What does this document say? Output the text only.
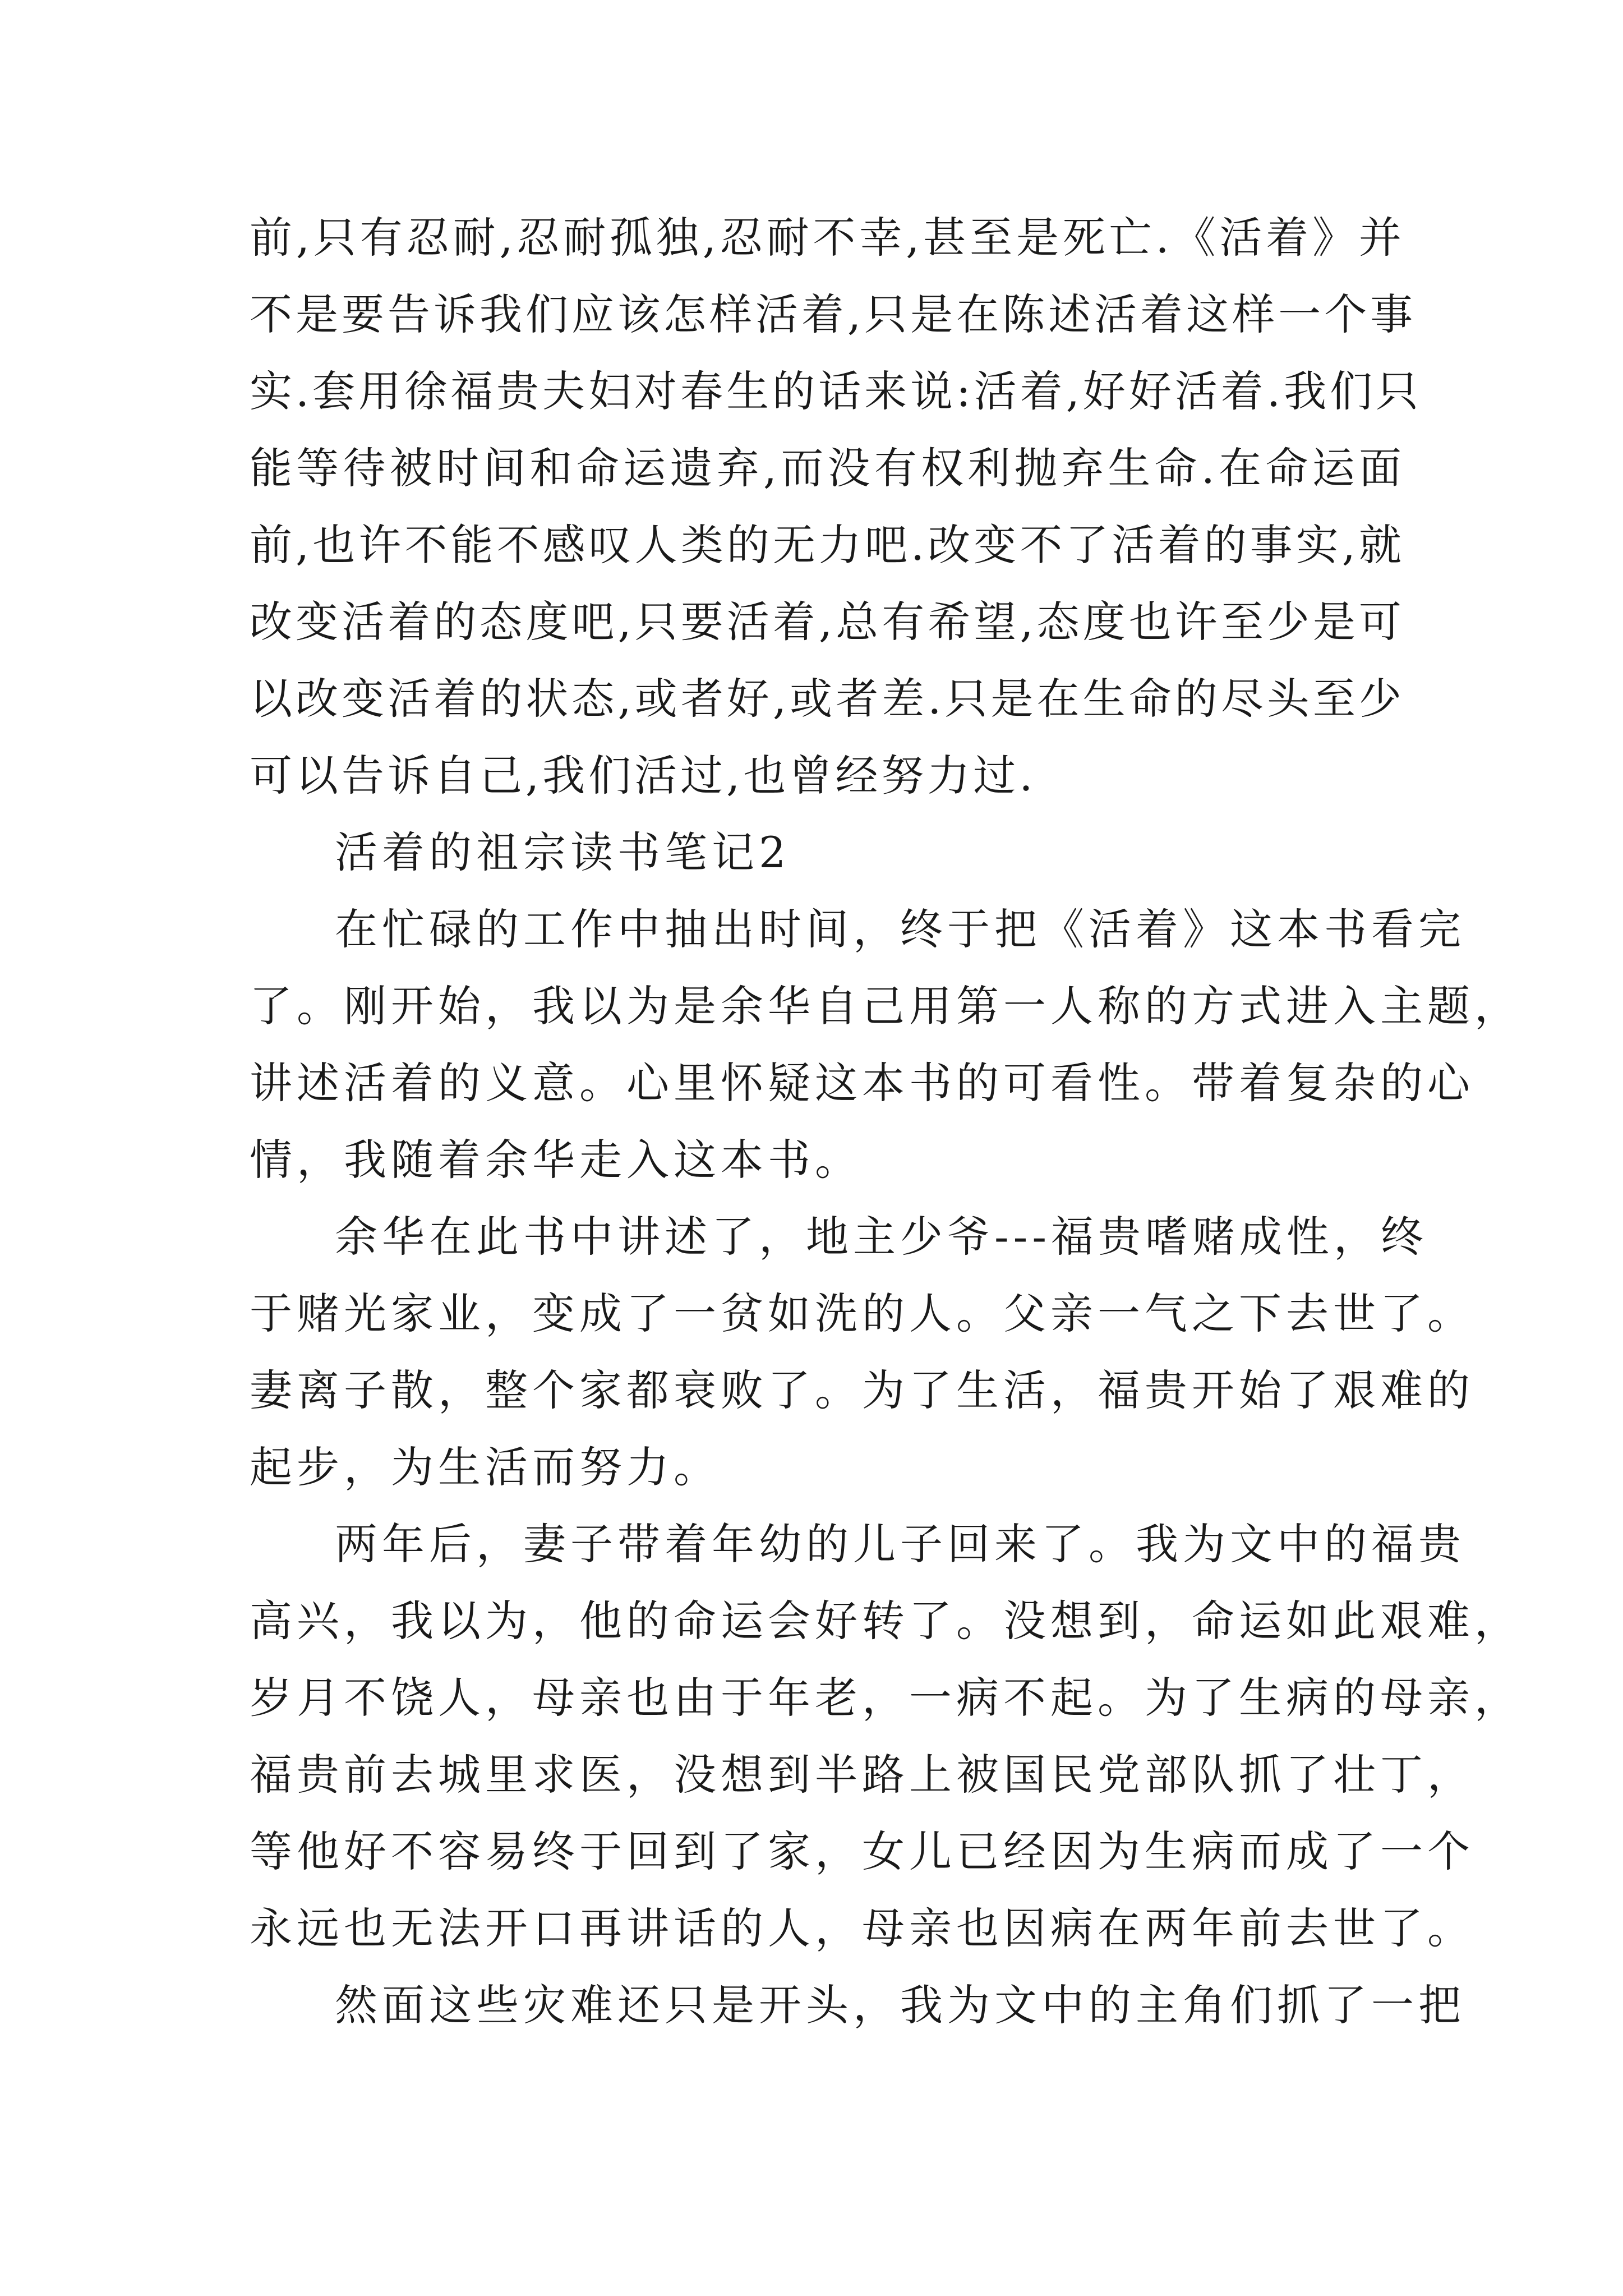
前,只有忍耐,忍耐孤独,忍耐不幸,甚至是死亡.《活着》并
不是要告诉我们应该怎样活着,只是在陈述活着这样一个事
实.套用徐福贵夫妇对春生的话来说:活着,好好活着.我们只
能等待被时间和命运遗弃,而没有权利抛弃生命.在命运面
前,也许不能不感叹人类的无力吧.改变不了活着的事实,就
改变活着的态度吧,只要活着,总有希望,态度也许至少是可
以改变活着的状态,或者好,或者差.只是在生命的尽头至少
可以告诉自己,我们活过,也曾经努力过.

活着的祖宗读书笔记2

在忙碌的工作中抽出时间，终于把《活着》这本书看完
了。刚开始，我以为是余华自己用第一人称的方式进入主题，
讲述活着的义意。心里怀疑这本书的可看性。带着复杂的心
情，我随着余华走入这本书。

余华在此书中讲述了，地主少爷---福贵嗜赌成性，终
于赌光家业，变成了一贫如洗的人。父亲一气之下去世了。
妻离子散，整个家都衰败了。为了生活，福贵开始了艰难的
起步，为生活而努力。

两年后，妻子带着年幼的儿子回来了。我为文中的福贵
高兴，我以为，他的命运会好转了。没想到，命运如此艰难，
岁月不饶人，母亲也由于年老，一病不起。为了生病的母亲，
福贵前去城里求医，没想到半路上被国民党部队抓了壮丁，
等他好不容易终于回到了家，女儿已经因为生病而成了一个
永远也无法开口再讲话的人，母亲也因病在两年前去世了。

然面这些灾难还只是开头，我为文中的主角们抓了一把
